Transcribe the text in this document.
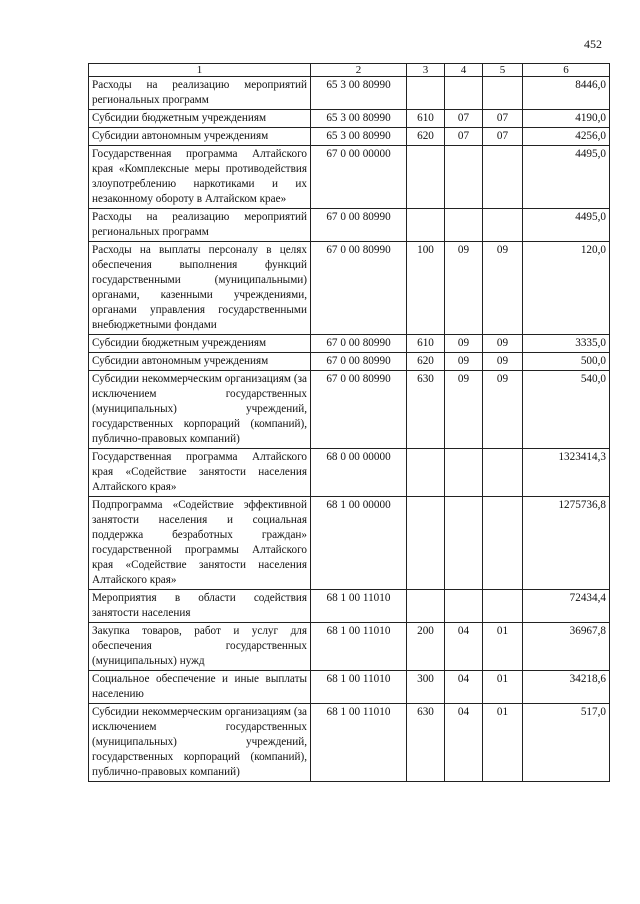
452
1	2	3	4	5	6
Расходы на реализацию мероприятий региональных программ	65 3 00 80990				8446,0
Субсидии бюджетным учреждениям	65 3 00 80990	610	07	07	4190,0
Субсидии автономным учреждениям	65 3 00 80990	620	07	07	4256,0
Государственная программа Алтайского края «Комплексные меры противодействия злоупотреблению наркотиками и их незаконному обороту в Алтайском крае»	67 0 00 00000				4495,0
Расходы на реализацию мероприятий региональных программ	67 0 00 80990				4495,0
Расходы на выплаты персоналу в целях обеспечения выполнения функций государственными (муниципальными) органами, казенными учреждениями, органами управления государственными внебюджетными фондами	67 0 00 80990	100	09	09	120,0
Субсидии бюджетным учреждениям	67 0 00 80990	610	09	09	3335,0
Субсидии автономным учреждениям	67 0 00 80990	620	09	09	500,0
Субсидии некоммерческим организациям (за исключением государственных (муниципальных) учреждений, государственных корпораций (компаний), публично-правовых компаний)	67 0 00 80990	630	09	09	540,0
Государственная программа Алтайского края «Содействие занятости населения Алтайского края»	68 0 00 00000				1323414,3
Подпрограмма «Содействие эффективной занятости населения и социальная поддержка безработных граждан» государственной программы Алтайского края «Содействие занятости населения Алтайского края»	68 1 00 00000				1275736,8
Мероприятия в области содействия занятости населения	68 1 00 11010				72434,4
Закупка товаров, работ и услуг для обеспечения государственных (муниципальных) нужд	68 1 00 11010	200	04	01	36967,8
Социальное обеспечение и иные выплаты населению	68 1 00 11010	300	04	01	34218,6
Субсидии некоммерческим организациям (за исключением государственных (муниципальных) учреждений, государственных корпораций (компаний), публично-правовых компаний)	68 1 00 11010	630	04	01	517,0
